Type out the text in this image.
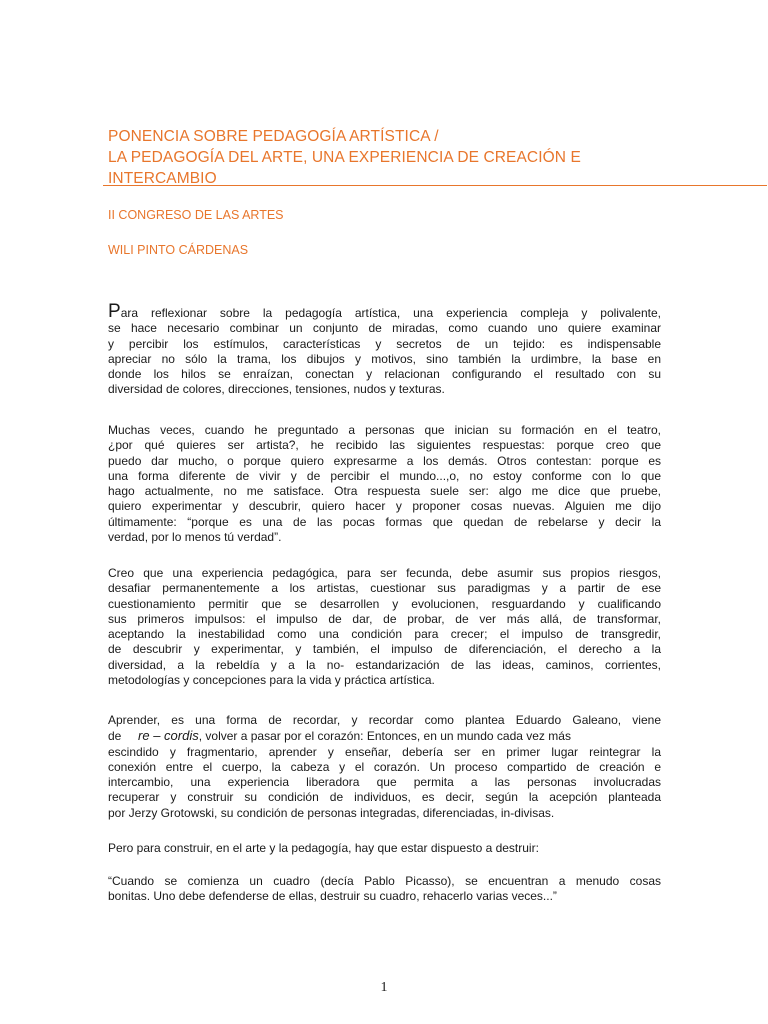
PONENCIA SOBRE PEDAGOGÍA ARTÍSTICA /
LA PEDAGOGÍA DEL ARTE, UNA EXPERIENCIA DE CREACIÓN E
INTERCAMBIO

II CONGRESO DE LAS ARTES

WILI PINTO CÁRDENAS

Para reflexionar sobre la pedagogía artística, una experiencia compleja y polivalente,
se hace necesario combinar un conjunto de miradas, como cuando uno quiere examinar
y percibir los estímulos, características y secretos de un tejido: es indispensable
apreciar no sólo la trama, los dibujos y motivos, sino también la urdimbre, la base en
donde los hilos se enraízan, conectan y relacionan configurando el resultado con su
diversidad de colores, direcciones, tensiones, nudos y texturas.
Muchas veces, cuando he preguntado a personas que inician su formación en el teatro,
¿por qué quieres ser artista?, he recibido las siguientes respuestas: porque creo que
puedo dar mucho, o porque quiero expresarme a los demás. Otros contestan: porque es
una forma diferente de vivir y de percibir el mundo...,o, no estoy conforme con lo que
hago actualmente, no me satisface. Otra respuesta suele ser: algo me dice que pruebe,
quiero experimentar y descubrir, quiero hacer y proponer cosas nuevas. Alguien me dijo
últimamente: “porque es una de las pocas formas que quedan de rebelarse y decir la
verdad, por lo menos tú verdad”.
Creo que una experiencia pedagógica, para ser fecunda, debe asumir sus propios riesgos,
desafiar permanentemente a los artistas, cuestionar sus paradigmas y a partir de ese
cuestionamiento permitir que se desarrollen y evolucionen, resguardando y cualificando
sus primeros impulsos: el impulso de dar, de probar, de ver más allá, de transformar,
aceptando la inestabilidad como una condición para crecer; el impulso de transgredir,
de descubrir y experimentar, y también, el impulso de diferenciación, el derecho a la
diversidad, a la rebeldía y a la no- estandarización de las ideas, caminos, corrientes,
metodologías y concepciones para la vida y práctica artística.
Aprender, es una forma de recordar, y recordar como plantea Eduardo Galeano, viene
de re – cordis, volver a pasar por el corazón: Entonces, en un mundo cada vez más
escindido y fragmentario, aprender y enseñar, debería ser en primer lugar reintegrar la
conexión entre el cuerpo, la cabeza y el corazón. Un proceso compartido de creación e
intercambio, una experiencia liberadora que permita a las personas involucradas
recuperar y construir su condición de individuos, es decir, según la acepción planteada
por Jerzy Grotowski, su condición de personas integradas, diferenciadas, in-divisas.
Pero para construir, en el arte y la pedagogía, hay que estar dispuesto a destruir:
“Cuando se comienza un cuadro (decía Pablo Picasso), se encuentran a menudo cosas
bonitas. Uno debe defenderse de ellas, destruir su cuadro, rehacerlo varias veces...”

1
